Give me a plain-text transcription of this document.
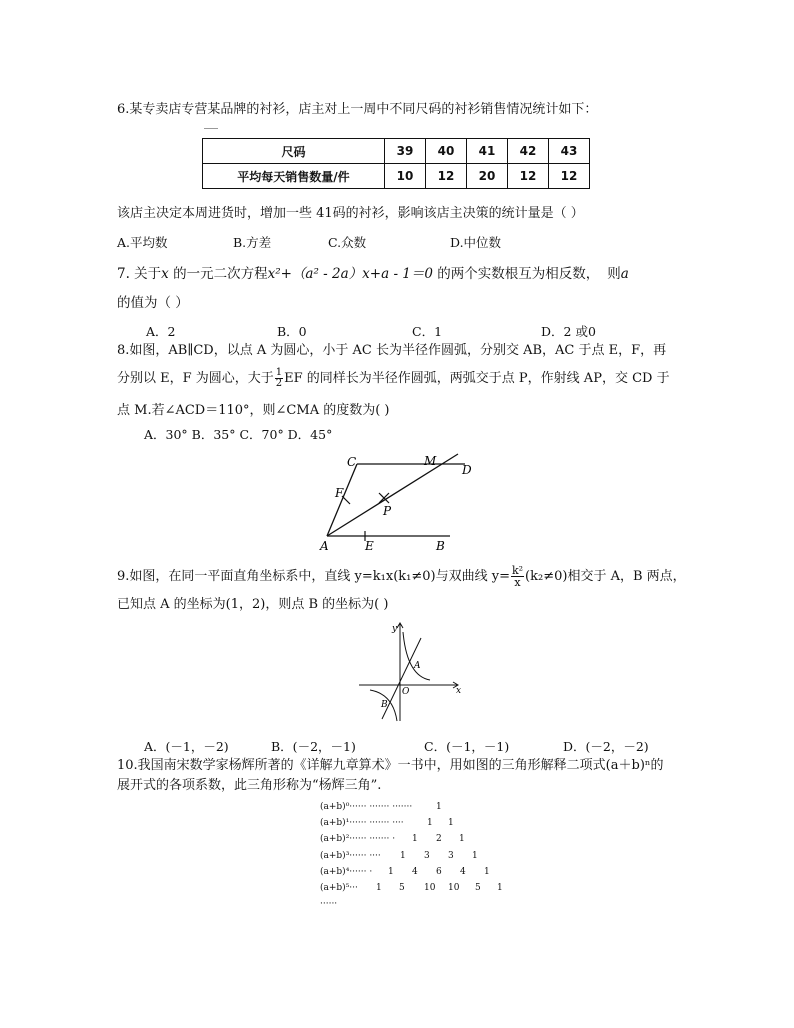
6.某专卖店专营某品牌的衬衫，店主对上一周中不同尺码的衬衫销售情况统计如下：
尺码	39	40	41	42	43
平均每天销售数量/件	10	12	20	12	12
该店主决定本周进货时，增加一些 41码的衬衫，影响该店主决策的统计量是（ ）
A.平均数	B.方差	C.众数	D.中位数
7. 关于x 的一元二次方程x²+（a² - 2a）x+a - 1＝0 的两个实数根互为相反数， 则a
的值为（ ）
A．2	B．0	C．1	D．2 或0
8.如图，AB∥CD，以点 A 为圆心，小于 AC 长为半径作圆弧，分别交 AB，AC 于点 E，F，再
分别以 E，F 为圆心，大于 $\frac{1}{2}$ EF 的同样长为半径作圆弧，两弧交于点 P，作射线 AP，交 CD 于
点 M.若∠ACD＝110°，则∠CMA 的度数为( )
A．30° B．35° C．70° D．45°
C	M
D
F
P
A	E	B
9.如图，在同一平面直角坐标系中，直线 y=k₁x(k₁≠0)与双曲线 $y= \frac{\text{k²}}{x} (k_2\ne 0)$相交于 A，B 两点，
已知点 A 的坐标为(1，2)，则点 B 的坐标为( )
y
x
O
A
B
A．(－1，－2)	B．(－2，－1)	C．(－1，－1)	D．(－2，－2)
10.我国南宋数学家杨辉所著的《详解九章算术》一书中，用如图的三角形解释二项式(a＋b)ⁿ的
展开式的各项系数，此三角形称为“杨辉三角”.
(a+b)⁰······ ······· ·······	1
(a+b)¹······ ······· ····	1 1
(a+b)²······ ······· · 1 2 1
(a+b)³······ ···· 1 3 3 1
(a+b)⁴······ · 1 4 6 4 1
(a+b)⁵··· 1 5 10 10 5 1
······
